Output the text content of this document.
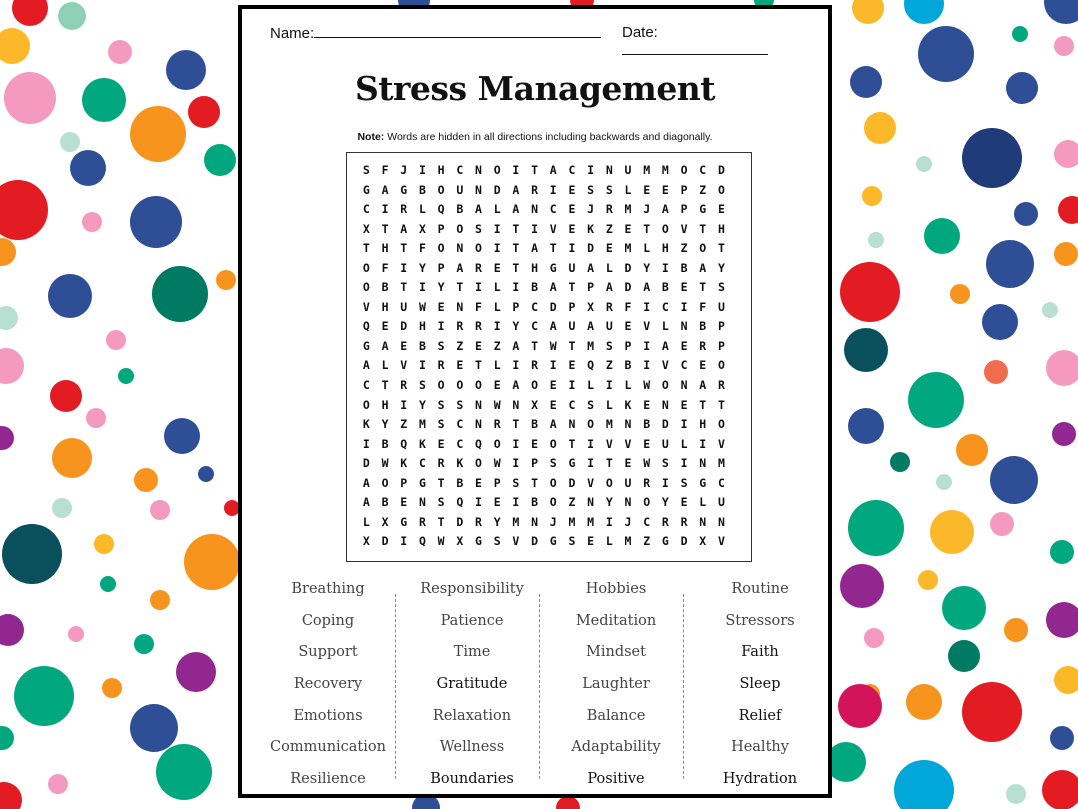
Name:	Date:
Stress Management
Note: Words are hidden in all directions including backwards and diagonally.
S	F	J	I	H	C	N	O	I	T	A	C	I	N	U	M	M	O	C	D
G	A	G	B	O	U	N	D	A	R	I	E	S	S	L	E	E	P	Z	O
C	I	R	L	Q	B	A	L	A	N	C	E	J	R	M	J	A	P	G	E
X	T	A	X	P	O	S	I	T	I	V	E	K	Z	E	T	O	V	T	H
T	H	T	F	O	N	O	I	T	A	T	I	D	E	M	L	H	Z	O	T
O	F	I	Y	P	A	R	E	T	H	G	U	A	L	D	Y	I	B	A	Y
O	B	T	I	Y	T	I	L	I	B	A	T	P	A	D	A	B	E	T	S
V	H	U	W	E	N	F	L	P	C	D	P	X	R	F	I	C	I	F	U
Q	E	D	H	I	R	R	I	Y	C	A	U	A	U	E	V	L	N	B	P
G	A	E	B	S	Z	E	Z	A	T	W	T	M	S	P	I	A	E	R	P
A	L	V	I	R	E	T	L	I	R	I	E	Q	Z	B	I	V	C	E	O
C	T	R	S	O	O	O	E	A	O	E	I	L	I	L	W	O	N	A	R
O	H	I	Y	S	S	N	W	N	X	E	C	S	L	K	E	N	E	T	T
K	Y	Z	M	S	C	N	R	T	B	A	N	O	M	N	B	D	I	H	O
I	B	Q	K	E	C	Q	O	I	E	O	T	I	V	V	E	U	L	I	V
D	W	K	C	R	K	O	W	I	P	S	G	I	T	E	W	S	I	N	M
A	O	P	G	T	B	E	P	S	T	O	D	V	O	U	R	I	S	G	C
A	B	E	N	S	Q	I	E	I	B	O	Z	N	Y	N	O	Y	E	L	U
L	X	G	R	T	D	R	Y	M	N	J	M	M	I	J	C	R	R	N	N
X	D	I	Q	W	X	G	S	V	D	G	S	E	L	M	Z	G	D	X	V
Breathing
Coping
Support
Recovery
Emotions
Communication
Resilience
Responsibility
Patience
Time
Gratitude
Relaxation
Wellness
Boundaries
Hobbies
Meditation
Mindset
Laughter
Balance
Adaptability
Positive
Routine
Stressors
Faith
Sleep
Relief
Healthy
Hydration
